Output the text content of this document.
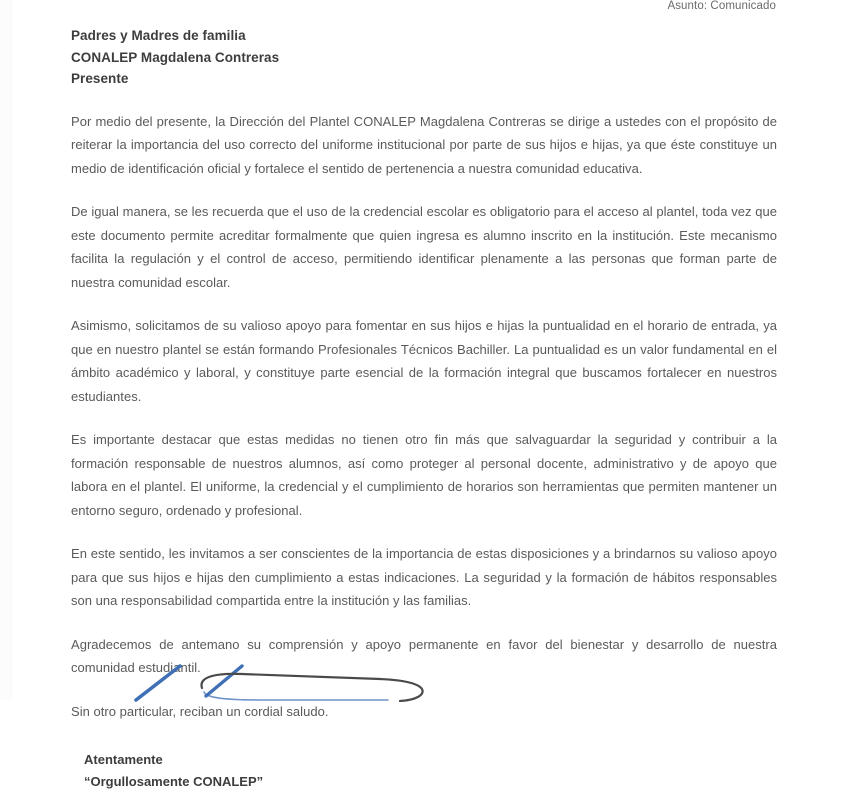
Asunto: Comunicado
Padres y Madres de familia
CONALEP Magdalena Contreras
Presente

Por medio del presente, la Dirección del Plantel CONALEP Magdalena Contreras se dirige a ustedes con el propósito de reiterar la importancia del uso correcto del uniforme institucional por parte de sus hijos e hijas, ya que éste constituye un medio de identificación oficial y fortalece el sentido de pertenencia a nuestra comunidad educativa.

De igual manera, se les recuerda que el uso de la credencial escolar es obligatorio para el acceso al plantel, toda vez que este documento permite acreditar formalmente que quien ingresa es alumno inscrito en la institución. Este mecanismo facilita la regulación y el control de acceso, permitiendo identificar plenamente a las personas que forman parte de nuestra comunidad escolar.

Asimismo, solicitamos de su valioso apoyo para fomentar en sus hijos e hijas la puntualidad en el horario de entrada, ya que en nuestro plantel se están formando Profesionales Técnicos Bachiller. La puntualidad es un valor fundamental en el ámbito académico y laboral, y constituye parte esencial de la formación integral que buscamos fortalecer en nuestros estudiantes.

Es importante destacar que estas medidas no tienen otro fin más que salvaguardar la seguridad y contribuir a la formación responsable de nuestros alumnos, así como proteger al personal docente, administrativo y de apoyo que labora en el plantel. El uniforme, la credencial y el cumplimiento de horarios son herramientas que permiten mantener un entorno seguro, ordenado y profesional.

En este sentido, les invitamos a ser conscientes de la importancia de estas disposiciones y a brindarnos su valioso apoyo para que sus hijos e hijas den cumplimiento a estas indicaciones. La seguridad y la formación de hábitos responsables son una responsabilidad compartida entre la institución y las familias.

Agradecemos de antemano su comprensión y apoyo permanente en favor del bienestar y desarrollo de nuestra comunidad estudiantil.

Sin otro particular, reciban un cordial saludo.

Atentamente
“Orgullosamente CONALEP”
